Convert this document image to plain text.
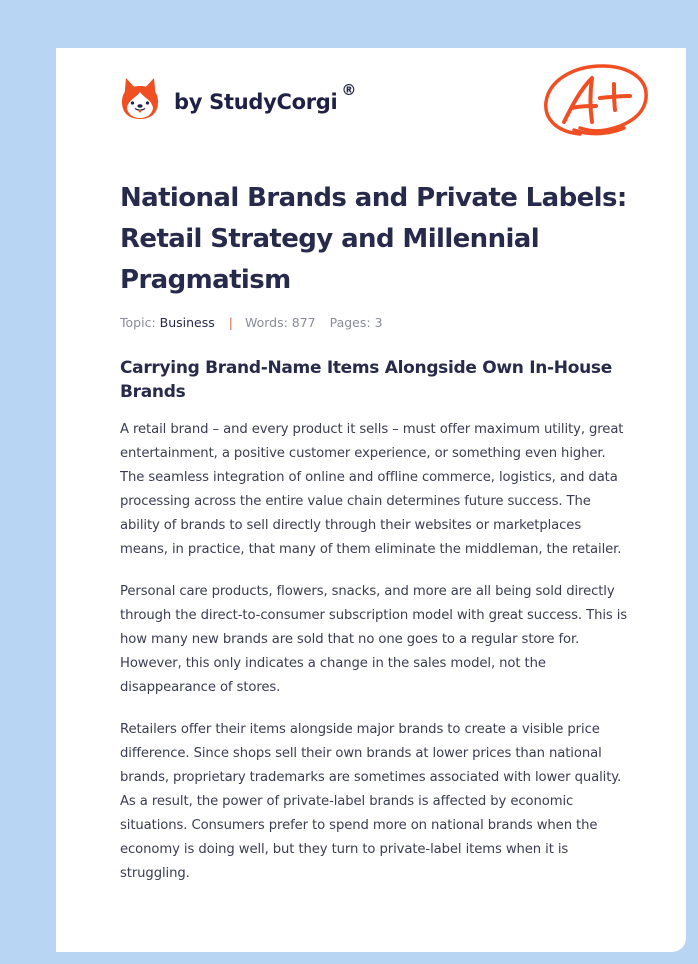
by StudyCorgi ®
National Brands and Private Labels: Retail Strategy and Millennial Pragmatism
Topic: Business | Words: 877 Pages: 3
Carrying Brand-Name Items Alongside Own In-House Brands

A retail brand – and every product it sells – must offer maximum utility, great entertainment, a positive customer experience, or something even higher. The seamless integration of online and offline commerce, logistics, and data processing across the entire value chain determines future success. The ability of brands to sell directly through their websites or marketplaces means, in practice, that many of them eliminate the middleman, the retailer.

Personal care products, flowers, snacks, and more are all being sold directly through the direct-to-consumer subscription model with great success. This is how many new brands are sold that no one goes to a regular store for. However, this only indicates a change in the sales model, not the disappearance of stores.

Retailers offer their items alongside major brands to create a visible price difference. Since shops sell their own brands at lower prices than national brands, proprietary trademarks are sometimes associated with lower quality. As a result, the power of private-label brands is affected by economic situations. Consumers prefer to spend more on national brands when the economy is doing well, but they turn to private-label items when it is struggling.
